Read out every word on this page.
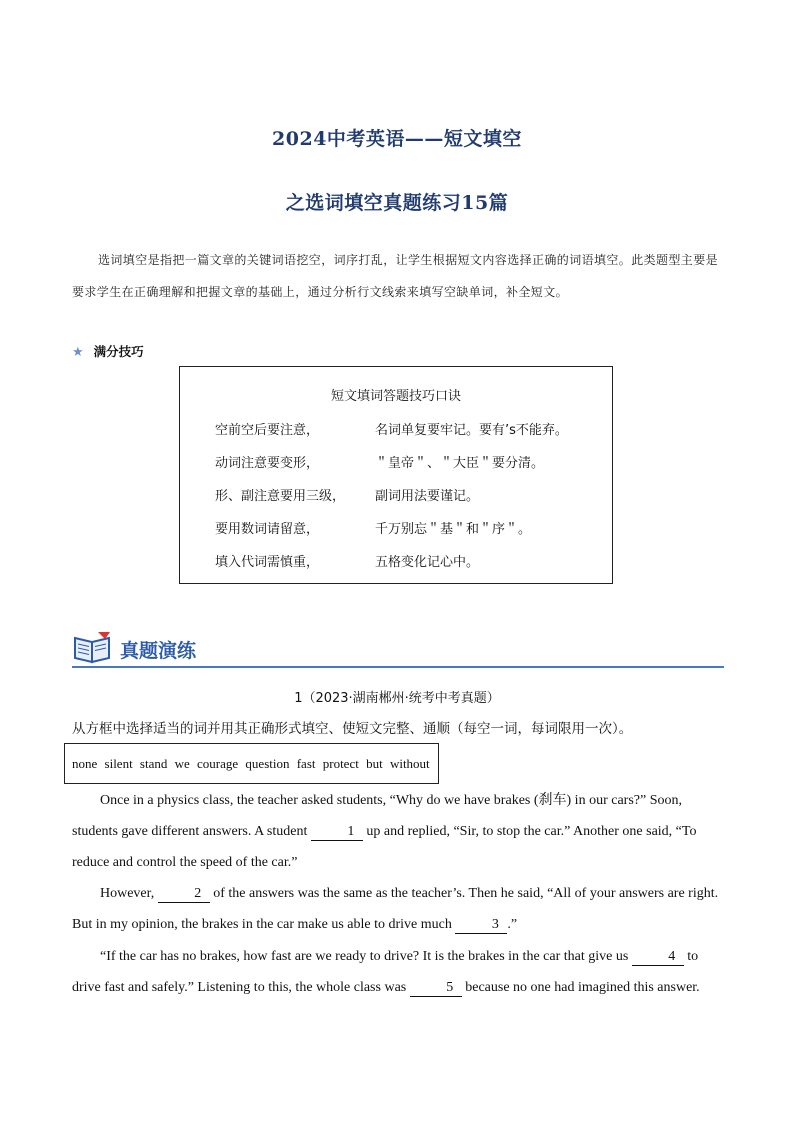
2024中考英语——短文填空
之选词填空真题练习15篇
选词填空是指把一篇文章的关键词语挖空，词序打乱，让学生根据短文内容选择正确的词语填空。此类题型主要是要求学生在正确理解和把握文章的基础上，通过分析行文线索来填写空缺单词，补全短文。
★ 满分技巧
短文填词答题技巧口诀
空前空后要注意，	名词单复要牢记。要有’s不能弃。
动词注意要变形，	＂皇帝＂、＂大臣＂要分清。
形、副注意要用三级， 副词用法要谨记。
要用数词请留意，	千万别忘＂基＂和＂序＂。
填入代词需慎重，	五格变化记心中。
真题演练
1（2023·湖南郴州·统考中考真题）
从方框中选择适当的词并用其正确形式填空、使短文完整、通顺（每空一词，每词限用一次）。
none silent stand we courage question fast protect but without
Once in a physics class, the teacher asked students, “Why do we have brakes (刹车) in our cars?” Soon, students gave different answers. A student	1 up and replied, “Sir, to stop the car.” Another one said, “To reduce and control the speed of the car.”
However,	2 of the answers was the same as the teacher’s. Then he said, “All of your answers are right. But in my opinion, the brakes in the car make us able to drive much	3 .”
“If the car has no brakes, how fast are we ready to drive? It is the brakes in the car that give us	4 to drive fast and safely.” Listening to this, the whole class was	5 because no one had imagined this answer.
